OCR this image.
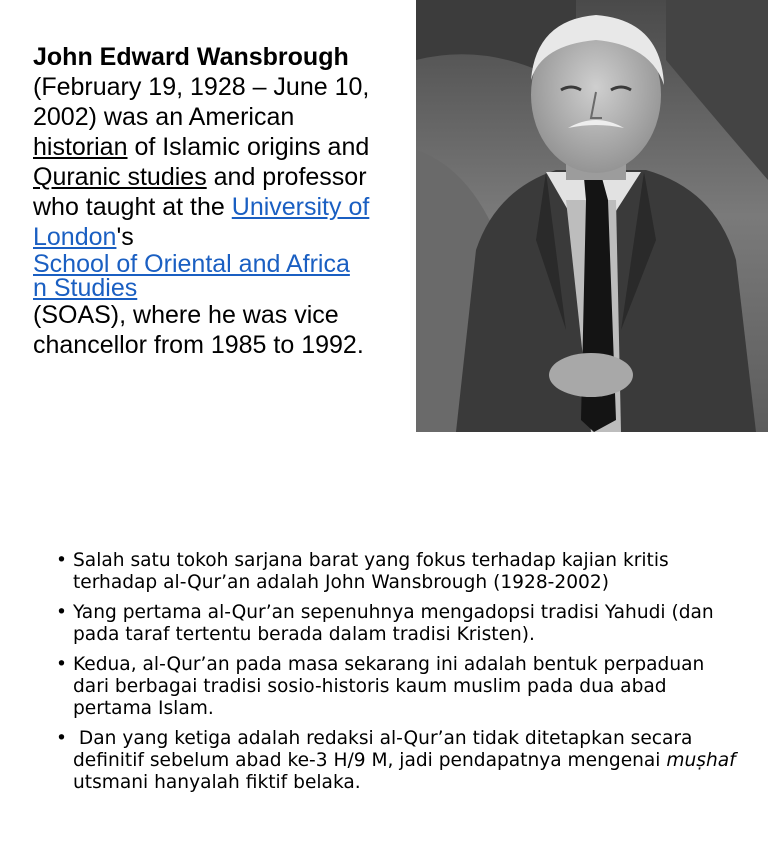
John Edward Wansbrough (February 19, 1928 – June 10, 2002) was an American historian of Islamic origins and Quranic studies and professor who taught at the University of London's
School of Oriental and Africa
n Studies
(SOAS), where he was vice chancellor from 1985 to 1992.
• Salah satu tokoh sarjana barat yang fokus terhadap kajian kritis terhadap al-Qur’an adalah John Wansbrough (1928-2002)
• Yang pertama al-Qur’an sepenuhnya mengadopsi tradisi Yahudi (dan pada taraf tertentu berada dalam tradisi Kristen).
• Kedua, al-Qur’an pada masa sekarang ini adalah bentuk perpaduan dari berbagai tradisi sosio-historis kaum muslim pada dua abad pertama Islam.
• Dan yang ketiga adalah redaksi al-Qur’an tidak ditetapkan secara definitif sebelum abad ke-3 H/9 M, jadi pendapatnya mengenai muṣhaf utsmani hanyalah fiktif belaka.
